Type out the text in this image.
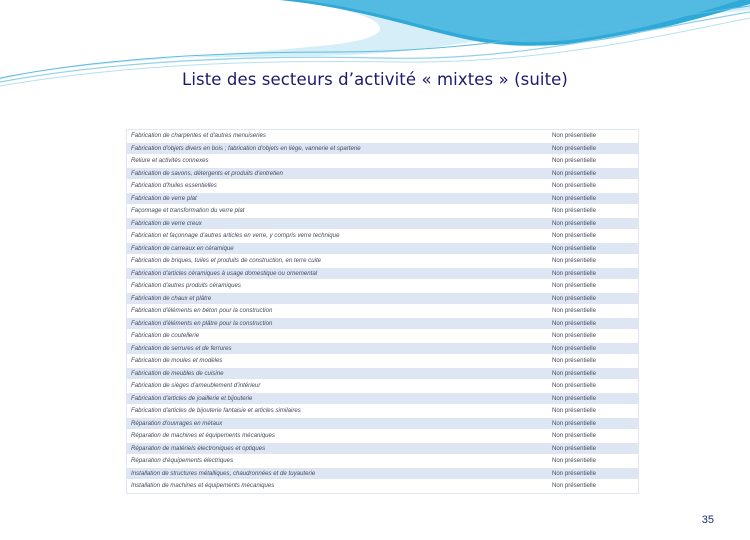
Liste des secteurs d’activité « mixtes » (suite)
Fabrication de charpentes et d'autres menuiseries	Non présentielle
Fabrication d'objets divers en bois ; fabrication d'objets en liège, vannerie et sparterie	Non présentielle
Reliure et activités connexes	Non présentielle
Fabrication de savons, détergents et produits d'entretien	Non présentielle
Fabrication d'huiles essentielles	Non présentielle
Fabrication de verre plat	Non présentielle
Façonnage et transformation du verre plat	Non présentielle
Fabrication de verre creux	Non présentielle
Fabrication et façonnage d'autres articles en verre, y compris verre technique	Non présentielle
Fabrication de carreaux en céramique	Non présentielle
Fabrication de briques, tuiles et produits de construction, en terre cuite	Non présentielle
Fabrication d'articles céramiques à usage domestique ou ornemental	Non présentielle
Fabrication d'autres produits céramiques	Non présentielle
Fabrication de chaux et plâtre	Non présentielle
Fabrication d'éléments en béton pour la construction	Non présentielle
Fabrication d'éléments en plâtre pour la construction	Non présentielle
Fabrication de coutellerie	Non présentielle
Fabrication de serrures et de ferrures	Non présentielle
Fabrication de moules et modèles	Non présentielle
Fabrication de meubles de cuisine	Non présentielle
Fabrication de sièges d'ameublement d'intérieur	Non présentielle
Fabrication d'articles de joaillerie et bijouterie	Non présentielle
Fabrication d'articles de bijouterie fantaisie et articles similaires	Non présentielle
Réparation d'ouvrages en métaux	Non présentielle
Réparation de machines et équipements mécaniques	Non présentielle
Réparation de matériels électroniques et optiques	Non présentielle
Réparation d'équipements électriques	Non présentielle
Installation de structures métalliques, chaudronnées et de tuyauterie	Non présentielle
Installation de machines et équipements mécaniques	Non présentielle
35
